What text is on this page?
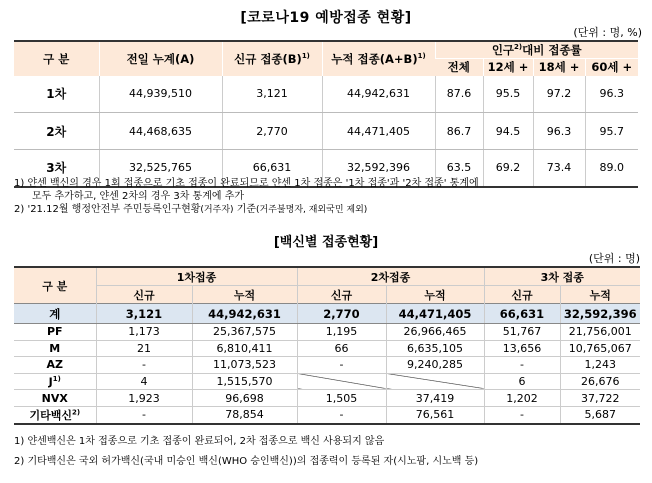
[코로나19 예방접종 현황]
(단위 : 명, %)
구 분	전일 누계(A)	신규 접종$(B)^{1)}$	누적 접종$(A+B)^{1)}$	인구$^{2)}$대비 접종률			
				전체	12세 +	18세 +	60세 +
1차	44,939,510	3,121	44,942,631	87.6	95.5	97.2	96.3
2차	44,468,635	2,770	44,471,405	86.7	94.5	96.3	95.7
3차	32,525,765	66,631	32,592,396	63.5	69.2	73.4	89.0
1) 얀센 백신의 경우 1회 접종으로 기초 접종이 완료되므로 얀센 1차 접종은 '1차 접종'과 '2차 접종' 통계에
모두 추가하고, 얀센 2차의 경우 3차 통계에 추가
2) '21.12월 행정안전부 주민등록인구현황(거주자) 기준(거주불명자, 재외국민 제외)
[백신별 접종현황]
(단위 : 명)
구 분	1차접종		2차접종		3차 접종	
	신규	누적	신규	누적	신규	누적
계	3,121	44,942,631	2,770	44,471,405	66,631	32,592,396
PF	1,173	25,367,575	1,195	26,966,465	51,767	21,756,001
M	21	6,810,411	66	6,635,105	13,656	10,765,067
AZ	-	11,073,523	-	9,240,285	-	1,243
$J^{1)}$	4	1,515,570			6	26,676
NVX	1,923	96,698	1,505	37,419	1,202	37,722
기타백신$^{2)}$	-	78,854	-	76,561	-	5,687
1) 얀센백신은 1차 접종으로 기초 접종이 완료되어, 2차 접종으로 백신 사용되지 않음
2) 기타백신은 국외 허가백신(국내 미승인 백신(WHO 승인백신))의 접종력이 등록된 자(시노팜, 시노백 등)
